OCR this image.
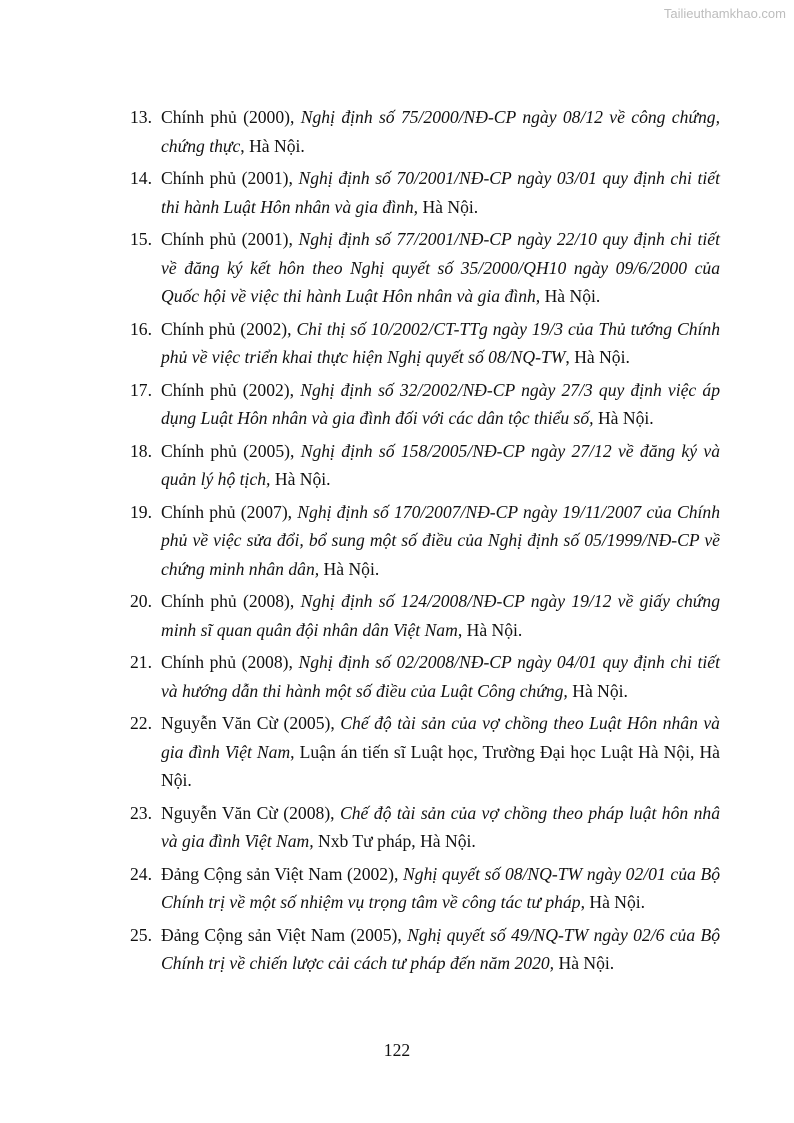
Tailieuthamkhao.com
13. Chính phủ (2000), Nghị định số 75/2000/NĐ-CP ngày 08/12 về công chứng, chứng thực, Hà Nội.
14. Chính phủ (2001), Nghị định số 70/2001/NĐ-CP ngày 03/01 quy định chi tiết thi hành Luật Hôn nhân và gia đình, Hà Nội.
15. Chính phủ (2001), Nghị định số 77/2001/NĐ-CP ngày 22/10 quy định chi tiết về đăng ký kết hôn theo Nghị quyết số 35/2000/QH10 ngày 09/6/2000 của Quốc hội về việc thi hành Luật Hôn nhân và gia đình, Hà Nội.
16. Chính phủ (2002), Chỉ thị số 10/2002/CT-TTg ngày 19/3 của Thủ tướng Chính phủ về việc triển khai thực hiện Nghị quyết số 08/NQ-TW, Hà Nội.
17. Chính phủ (2002), Nghị định số 32/2002/NĐ-CP ngày 27/3 quy định việc áp dụng Luật Hôn nhân và gia đình đối với các dân tộc thiểu số, Hà Nội.
18. Chính phủ (2005), Nghị định số 158/2005/NĐ-CP ngày 27/12 về đăng ký và quản lý hộ tịch, Hà Nội.
19. Chính phủ (2007), Nghị định số 170/2007/NĐ-CP ngày 19/11/2007 của Chính phủ về việc sửa đổi, bổ sung một số điều của Nghị định số 05/1999/NĐ-CP về chứng minh nhân dân, Hà Nội.
20. Chính phủ (2008), Nghị định số 124/2008/NĐ-CP ngày 19/12 về giấy chứng minh sĩ quan quân đội nhân dân Việt Nam, Hà Nội.
21. Chính phủ (2008), Nghị định số 02/2008/NĐ-CP ngày 04/01 quy định chi tiết và hướng dẫn thi hành một số điều của Luật Công chứng, Hà Nội.
22. Nguyễn Văn Cừ (2005), Chế độ tài sản của vợ chồng theo Luật Hôn nhân và gia đình Việt Nam, Luận án tiến sĩ Luật học, Trường Đại học Luật Hà Nội, Hà Nội.
23. Nguyễn Văn Cừ (2008), Chế độ tài sản của vợ chồng theo pháp luật hôn nhâ và gia đình Việt Nam, Nxb Tư pháp, Hà Nội.
24. Đảng Cộng sản Việt Nam (2002), Nghị quyết số 08/NQ-TW ngày 02/01 của Bộ Chính trị về một số nhiệm vụ trọng tâm về công tác tư pháp, Hà Nội.
25. Đảng Cộng sản Việt Nam (2005), Nghị quyết số 49/NQ-TW ngày 02/6 của Bộ Chính trị về chiến lược cải cách tư pháp đến năm 2020, Hà Nội.
122
